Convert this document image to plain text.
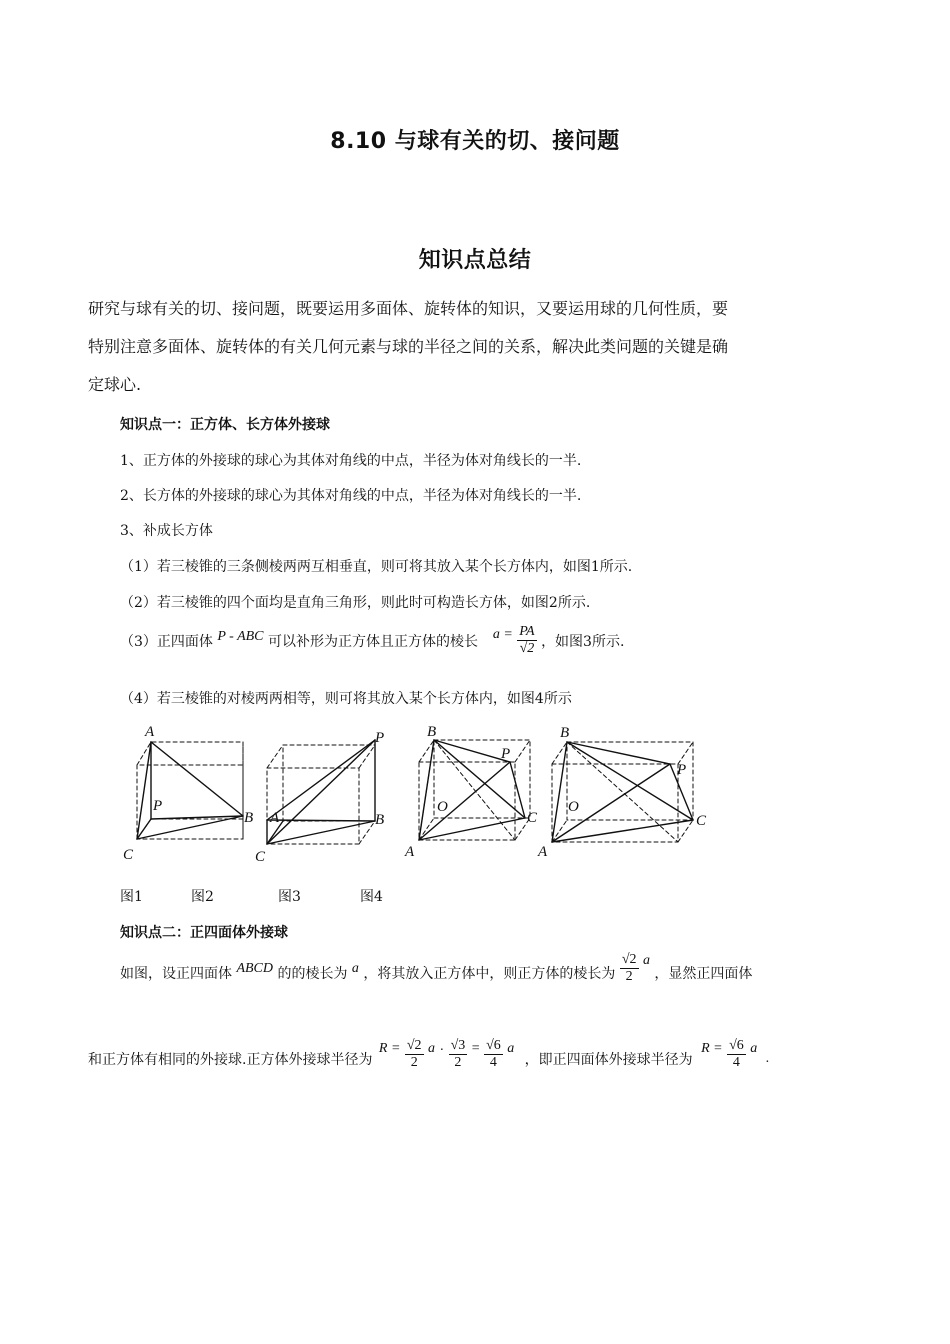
8.10 与球有关的切、接问题
知识点总结
研究与球有关的切、接问题，既要运用多面体、旋转体的知识，又要运用球的几何性质，要
特别注意多面体、旋转体的有关几何元素与球的半径之间的关系，解决此类问题的关键是确
定球心.
知识点一：正方体、长方体外接球
1、正方体的外接球的球心为其体对角线的中点，半径为体对角线长的一半.
2、长方体的外接球的球心为其体对角线的中点，半径为体对角线长的一半.
3、补成长方体
（1）若三棱锥的三条侧棱两两互相垂直，则可将其放入某个长方体内，如图1所示.
（2）若三棱锥的四个面均是直角三角形，则此时可构造长方体，如图2所示.
（3）正四面体 P - ABC 可以补形为正方体且正方体的棱长 $a = \frac{PA}{√2}$ ，如图3所示.
（4）若三棱锥的对棱两两相等，则可将其放入某个长方体内，如图4所示
A
P
B
C
P
A	B
C
B
P
O
C
A
B
P
O
C
A
图1	图2	图3	图4
知识点二：正四面体外接球
如图，设正四面体 ABCD 的的棱长为 a ，将其放入正方体中，则正方体的棱长为 $\frac{√2}{2}$ a ，显然正四面体
和正方体有相同的外接球.正方体外接球半径为 $R = \frac{√2}{2}$ $a \cdot \frac{√3}{2} = \frac{√6}{4}$ a ，即正四面体外接球半径为 $R = \frac{√6}{4}$ a .
